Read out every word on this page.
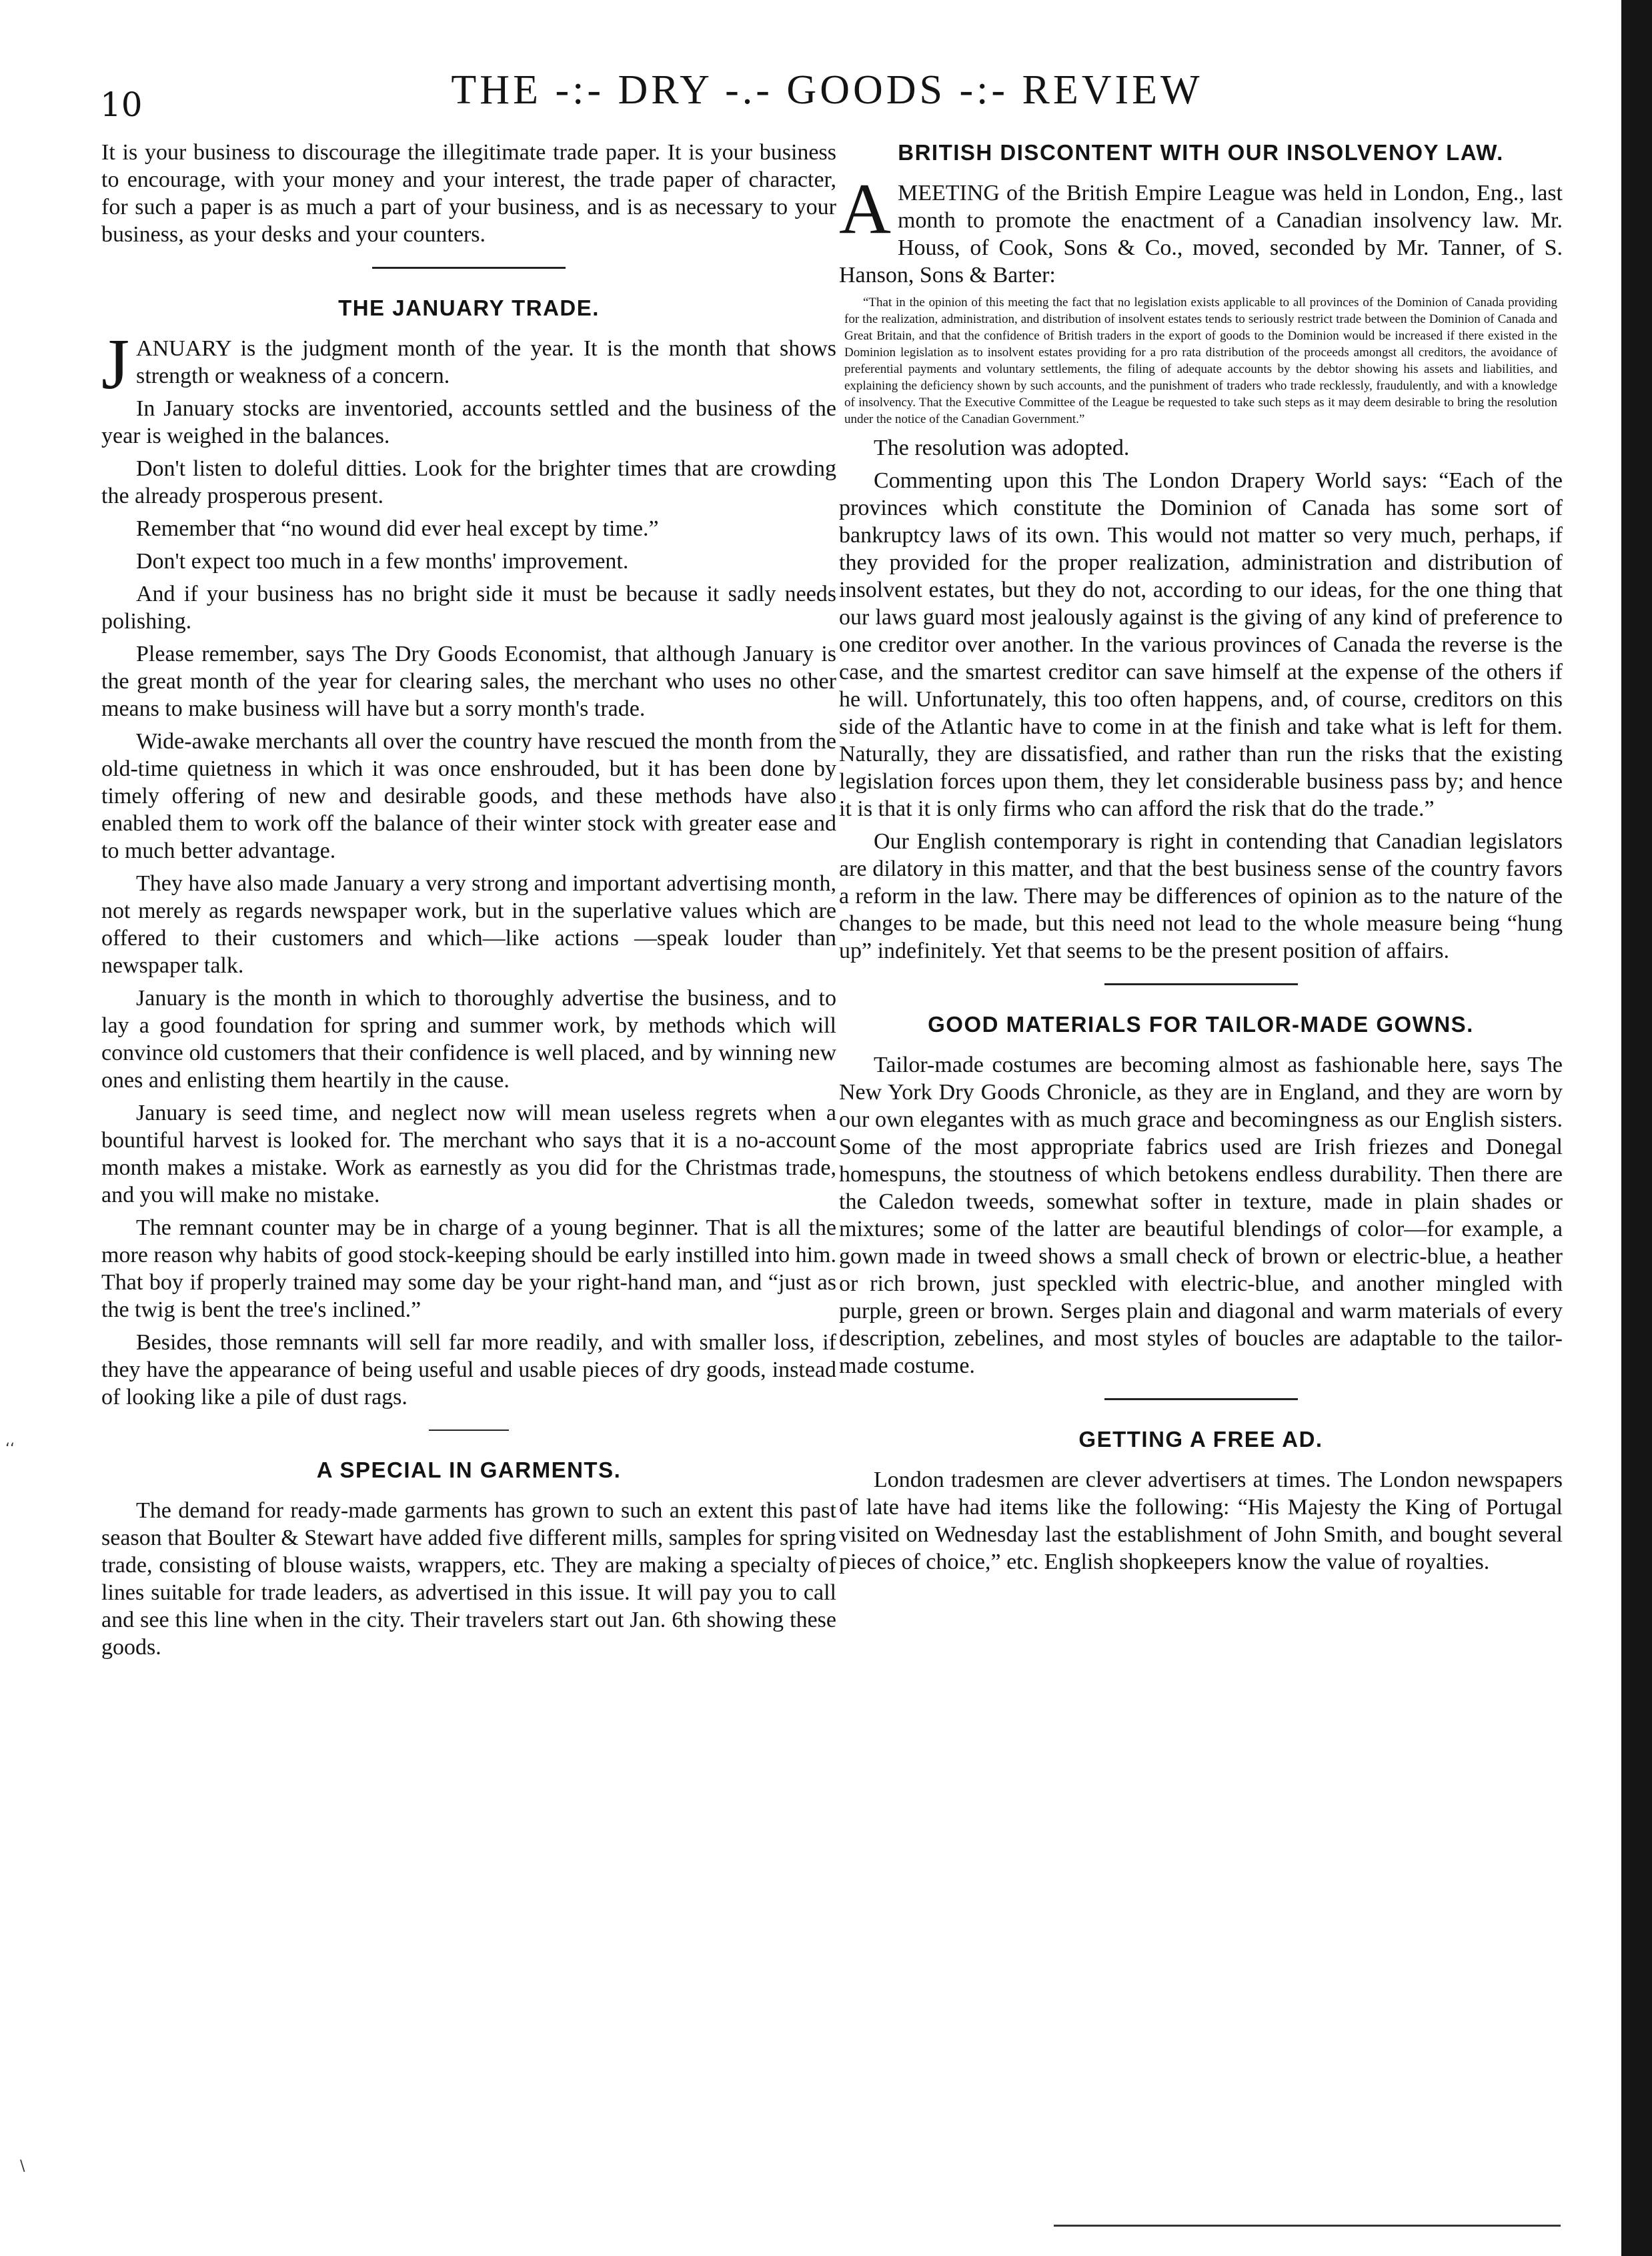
10	THE -:- DRY -.- GOODS -:- REVIEW
‘‘
\

It is your business to discourage the illegitimate trade paper. It is your business to encourage, with your money and your interest, the trade paper of character, for such a paper is as much a part of your business, and is as necessary to your business, as your desks and your counters.

THE JANUARY TRADE.

JANUARY is the judgment month of the year. It is the month that shows strength or weakness of a concern.

In January stocks are inventoried, accounts settled and the business of the year is weighed in the balances.

Don't listen to doleful ditties. Look for the brighter times that are crowding the already prosperous present.

Remember that “no wound did ever heal except by time.”

Don't expect too much in a few months' improvement.

And if your business has no bright side it must be because it sadly needs polishing.

Please remember, says The Dry Goods Economist, that although January is the great month of the year for clearing sales, the merchant who uses no other means to make business will have but a sorry month's trade.

Wide-awake merchants all over the country have rescued the month from the old-time quietness in which it was once enshrouded, but it has been done by timely offering of new and desirable goods, and these methods have also enabled them to work off the balance of their winter stock with greater ease and to much better advantage.

They have also made January a very strong and important advertising month, not merely as regards newspaper work, but in the superlative values which are offered to their customers and which—like actions —speak louder than newspaper talk.

January is the month in which to thoroughly advertise the business, and to lay a good foundation for spring and summer work, by methods which will convince old customers that their confidence is well placed, and by winning new ones and enlisting them heartily in the cause.

January is seed time, and neglect now will mean useless regrets when a bountiful harvest is looked for. The merchant who says that it is a no-account month makes a mistake. Work as earnestly as you did for the Christmas trade, and you will make no mistake.

The remnant counter may be in charge of a young beginner. That is all the more reason why habits of good stock-keeping should be early instilled into him. That boy if properly trained may some day be your right-hand man, and “just as the twig is bent the tree's inclined.”

Besides, those remnants will sell far more readily, and with smaller loss, if they have the appearance of being useful and usable pieces of dry goods, instead of looking like a pile of dust rags.

A SPECIAL IN GARMENTS.

The demand for ready-made garments has grown to such an extent this past season that Boulter & Stewart have added five different mills, samples for spring trade, consisting of blouse waists, wrappers, etc. They are making a specialty of lines suitable for trade leaders, as advertised in this issue. It will pay you to call and see this line when in the city. Their travelers start out Jan. 6th showing these goods.

BRITISH DISCONTENT WITH OUR INSOLVENOY LAW.

AMEETING of the British Empire League was held in London, Eng., last month to promote the enactment of a Canadian insolvency law. Mr. Houss, of Cook, Sons & Co., moved, seconded by Mr. Tanner, of S. Hanson, Sons & Barter:

“That in the opinion of this meeting the fact that no legislation exists applicable to all provinces of the Dominion of Canada providing for the realization, administration, and distribution of insolvent estates tends to seriously restrict trade between the Dominion of Canada and Great Britain, and that the confidence of British traders in the export of goods to the Dominion would be increased if there existed in the Dominion legislation as to insolvent estates providing for a pro rata distribution of the proceeds amongst all creditors, the avoidance of preferential payments and voluntary settlements, the filing of adequate accounts by the debtor showing his assets and liabilities, and explaining the deficiency shown by such accounts, and the punishment of traders who trade recklessly, fraudulently, and with a knowledge of insolvency. That the Executive Committee of the League be requested to take such steps as it may deem desirable to bring the resolution under the notice of the Canadian Government.”

The resolution was adopted.

Commenting upon this The London Drapery World says: “Each of the provinces which constitute the Dominion of Canada has some sort of bankruptcy laws of its own. This would not matter so very much, perhaps, if they provided for the proper realization, administration and distribution of insolvent estates, but they do not, according to our ideas, for the one thing that our laws guard most jealously against is the giving of any kind of preference to one creditor over another. In the various provinces of Canada the reverse is the case, and the smartest creditor can save himself at the expense of the others if he will. Unfortunately, this too often happens, and, of course, creditors on this side of the Atlantic have to come in at the finish and take what is left for them. Naturally, they are dissatisfied, and rather than run the risks that the existing legislation forces upon them, they let considerable business pass by; and hence it is that it is only firms who can afford the risk that do the trade.”

Our English contemporary is right in contending that Canadian legislators are dilatory in this matter, and that the best business sense of the country favors a reform in the law. There may be differences of opinion as to the nature of the changes to be made, but this need not lead to the whole measure being “hung up” indefinitely. Yet that seems to be the present position of affairs.

GOOD MATERIALS FOR TAILOR-MADE GOWNS.

Tailor-made costumes are becoming almost as fashionable here, says The New York Dry Goods Chronicle, as they are in England, and they are worn by our own elegantes with as much grace and becomingness as our English sisters. Some of the most appropriate fabrics used are Irish friezes and Donegal homespuns, the stoutness of which betokens endless durability. Then there are the Caledon tweeds, somewhat softer in texture, made in plain shades or mixtures; some of the latter are beautiful blendings of color—for example, a gown made in tweed shows a small check of brown or electric-blue, a heather or rich brown, just speckled with electric-blue, and another mingled with purple, green or brown. Serges plain and diagonal and warm materials of every description, zebelines, and most styles of boucles are adaptable to the tailor-made costume.

GETTING A FREE AD.

London tradesmen are clever advertisers at times. The London newspapers of late have had items like the following: “His Majesty the King of Portugal visited on Wednesday last the establishment of John Smith, and bought several pieces of choice,” etc. English shopkeepers know the value of royalties.
